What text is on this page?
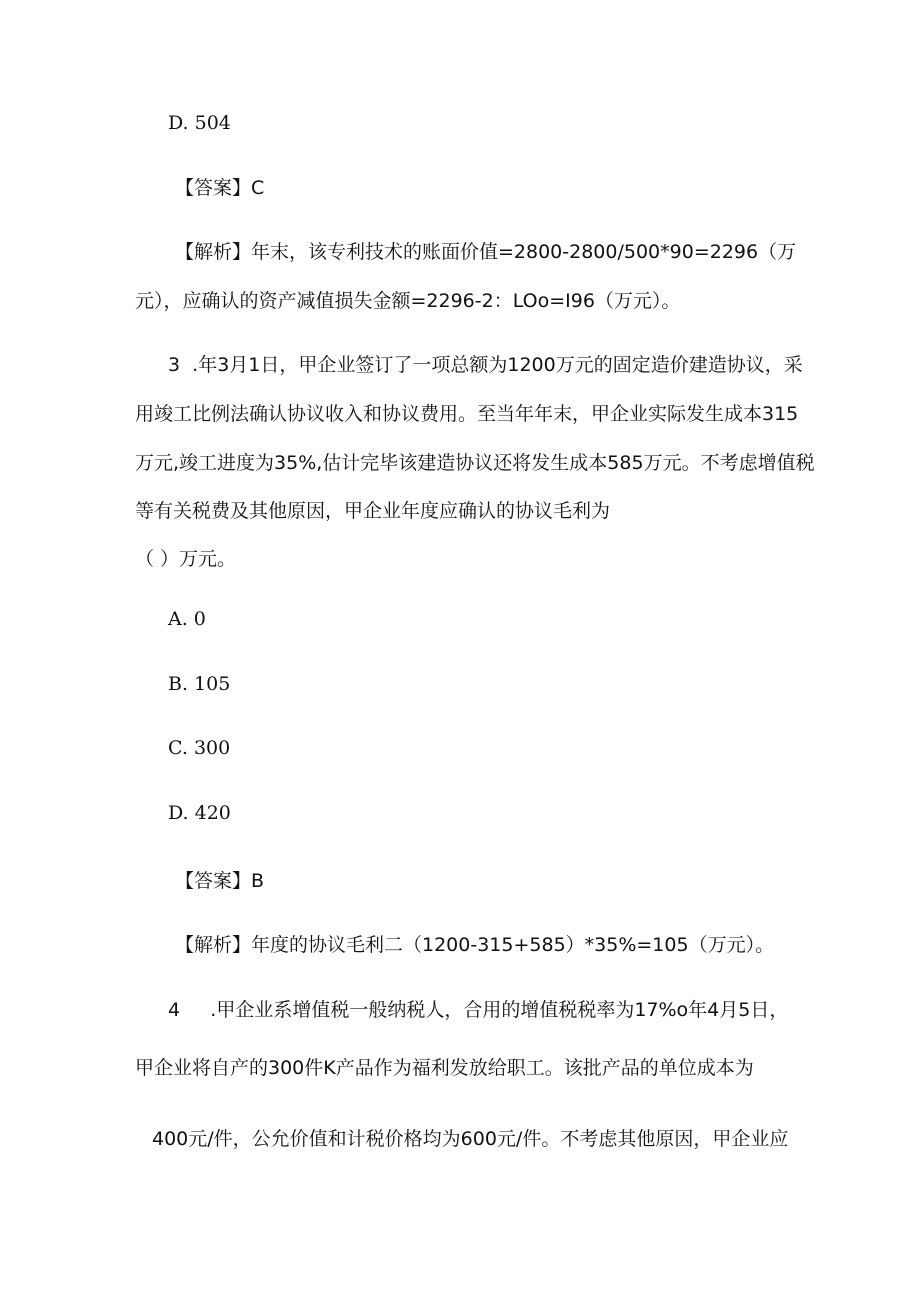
D. 504
【答案】C
【解析】年末，该专利技术的账面价值=2800-2800/500*90=2296（万
元），应确认的资产减值损失金额=2296-2：LOo=I96（万元）。
3  .年3月1日，甲企业签订了一项总额为1200万元的固定造价建造协议，采
用竣工比例法确认协议收入和协议费用。至当年年末，甲企业实际发生成本315
万元,竣工进度为35%,估计完毕该建造协议还将发生成本585万元。不考虑增值税
等有关税费及其他原因，甲企业年度应确认的协议毛利为
（ ）万元。
A. 0
B. 105
C. 300
D. 420
【答案】B
【解析】年度的协议毛利二（1200-315+585）*35%=105（万元）。
4     .甲企业系增值税一般纳税人，合用的增值税税率为17%o年4月5日，
甲企业将自产的300件K产品作为福利发放给职工。该批产品的单位成本为
400元/件，公允价值和计税价格均为600元/件。不考虑其他原因，甲企业应
